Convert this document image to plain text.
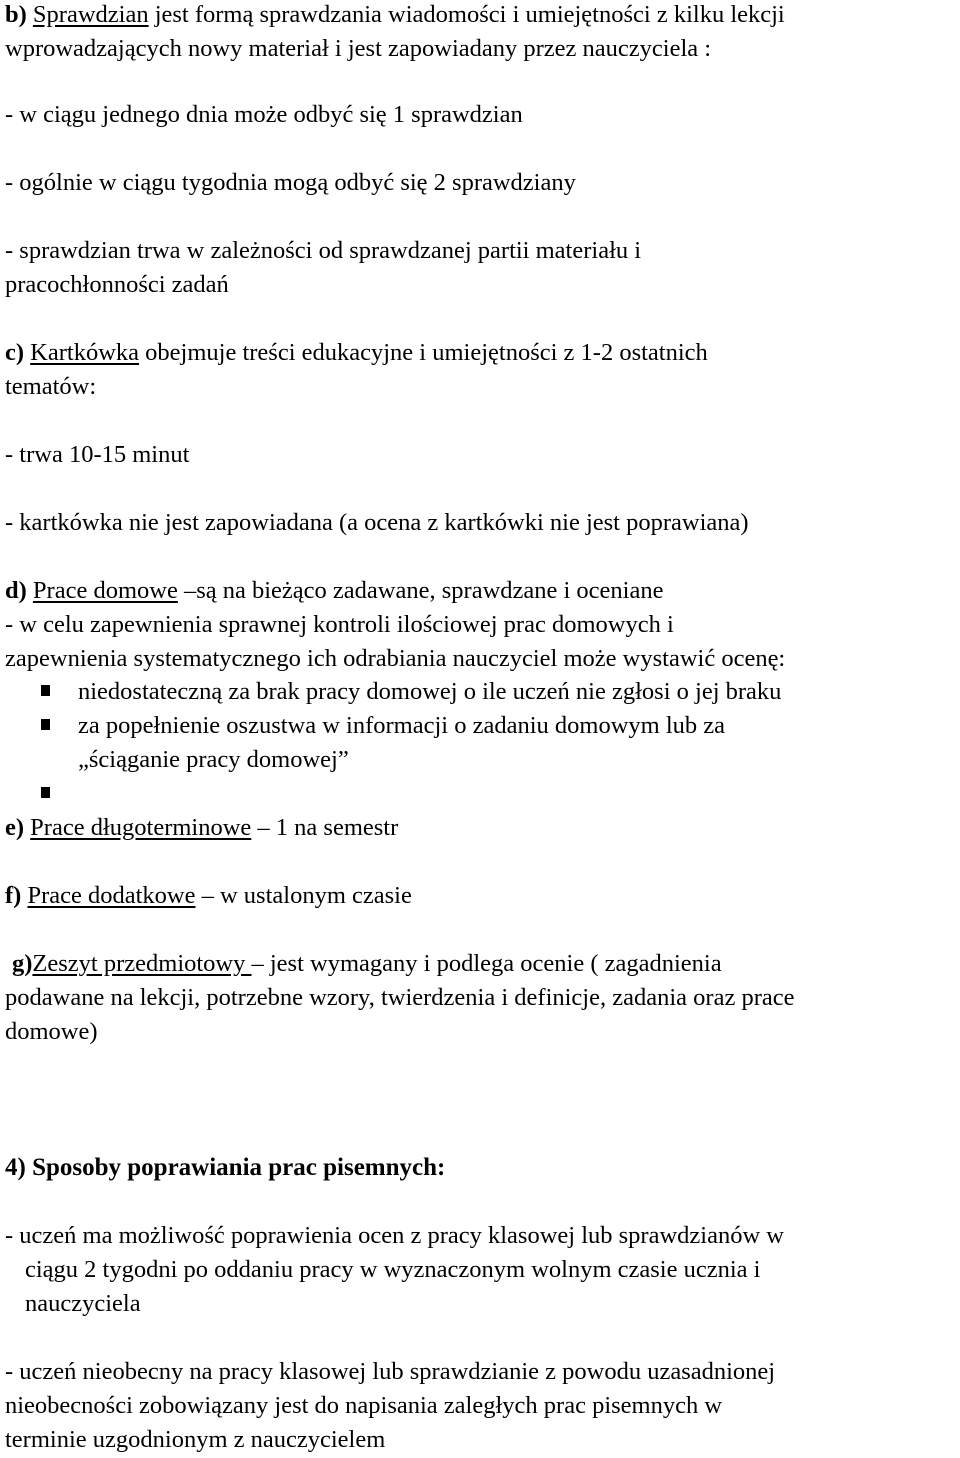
b) Sprawdzian jest formą sprawdzania wiadomości i umiejętności z kilku lekcji
wprowadzających nowy materiał i jest zapowiadany przez nauczyciela :
- w ciągu jednego dnia może odbyć się 1 sprawdzian
- ogólnie w ciągu tygodnia mogą odbyć się 2 sprawdziany
- sprawdzian trwa w zależności od sprawdzanej partii materiału i
pracochłonności zadań
c) Kartkówka obejmuje treści edukacyjne i umiejętności z 1-2 ostatnich
tematów:
- trwa 10-15 minut
- kartkówka nie jest zapowiadana (a ocena z kartkówki nie jest poprawiana)
d) Prace domowe –są na bieżąco zadawane, sprawdzane i oceniane
- w celu zapewnienia sprawnej kontroli ilościowej prac domowych i
zapewnienia systematycznego ich odrabiania nauczyciel może wystawić ocenę:
niedostateczną za brak pracy domowej o ile uczeń nie zgłosi o jej braku
za popełnienie oszustwa w informacji o zadaniu domowym lub za
„ściąganie pracy domowej”
e) Prace długoterminowe – 1 na semestr
f) Prace dodatkowe – w ustalonym czasie
g)Zeszyt przedmiotowy – jest wymagany i podlega ocenie ( zagadnienia
podawane na lekcji, potrzebne wzory, twierdzenia i definicje, zadania oraz prace
domowe)
4) Sposoby poprawiania prac pisemnych:
- uczeń ma możliwość poprawienia ocen z pracy klasowej lub sprawdzianów w
ciągu 2 tygodni po oddaniu pracy w wyznaczonym wolnym czasie ucznia i
nauczyciela
- uczeń nieobecny na pracy klasowej lub sprawdzianie z powodu uzasadnionej
nieobecności zobowiązany jest do napisania zaległych prac pisemnych w
terminie uzgodnionym z nauczycielem
